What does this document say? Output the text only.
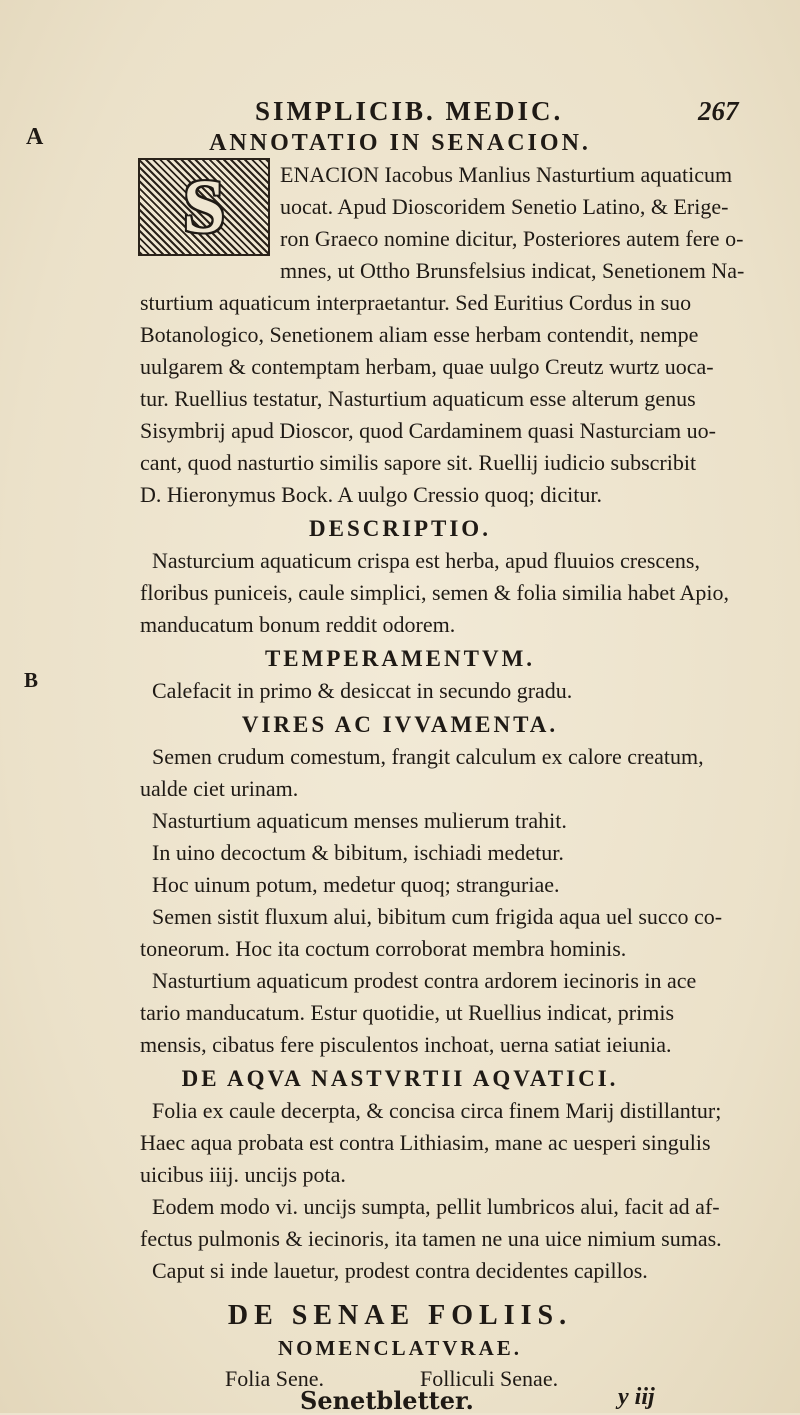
SIMPLICIB. MEDIC.	267
A
B
ANNOTATIO IN SENACION.
S ENACION Iacobus Manlius Nasturtium aquaticum
uocat. Apud Dioscoridem Senetio Latino, & Erige-
ron Graeco nomine dicitur, Posteriores autem fere o-
mnes, ut Ottho Brunsfelsius indicat, Senetionem Na-
sturtium aquaticum interpraetantur. Sed Euritius Cordus in suo
Botanologico, Senetionem aliam esse herbam contendit, nempe
uulgarem & contemptam herbam, quae uulgo Creutz wurtz uoca-
tur. Ruellius testatur, Nasturtium aquaticum esse alterum genus
Sisymbrij apud Dioscor, quod Cardaminem quasi Nasturciam uo-
cant, quod nasturtio similis sapore sit. Ruellij iudicio subscribit
D. Hieronymus Bock. A uulgo Cressio quoq; dicitur.
DESCRIPTIO.
Nasturcium aquaticum crispa est herba, apud fluuios crescens,
floribus puniceis, caule simplici, semen & folia similia habet Apio,
manducatum bonum reddit odorem.
TEMPERAMENTVM.
Calefacit in primo & desiccat in secundo gradu.
VIRES AC IVVAMENTA.
Semen crudum comestum, frangit calculum ex calore creatum,
ualde ciet urinam.
Nasturtium aquaticum menses mulierum trahit.
In uino decoctum & bibitum, ischiadi medetur.
Hoc uinum potum, medetur quoq; stranguriae.
Semen sistit fluxum alui, bibitum cum frigida aqua uel succo co-
toneorum. Hoc ita coctum corroborat membra hominis.
Nasturtium aquaticum prodest contra ardorem iecinoris in ace
tario manducatum. Estur quotidie, ut Ruellius indicat, primis
mensis, cibatus fere pisculentos inchoat, uerna satiat ieiunia.
DE AQVA NASTVRTII AQVATICI.
Folia ex caule decerpta, & concisa circa finem Marij distillantur;
Haec aqua probata est contra Lithiasim, mane ac uesperi singulis
uicibus iiij. uncijs pota.
Eodem modo vi. uncijs sumpta, pellit lumbricos alui, facit ad af-
fectus pulmonis & iecinoris, ita tamen ne una uice nimium sumas.
Caput si inde lauetur, prodest contra decidentes capillos.
DE SENAE FOLIIS.
NOMENCLATVRAE.
Folia Sene.	Folliculi Senae.
Senetbletter.	y iij
